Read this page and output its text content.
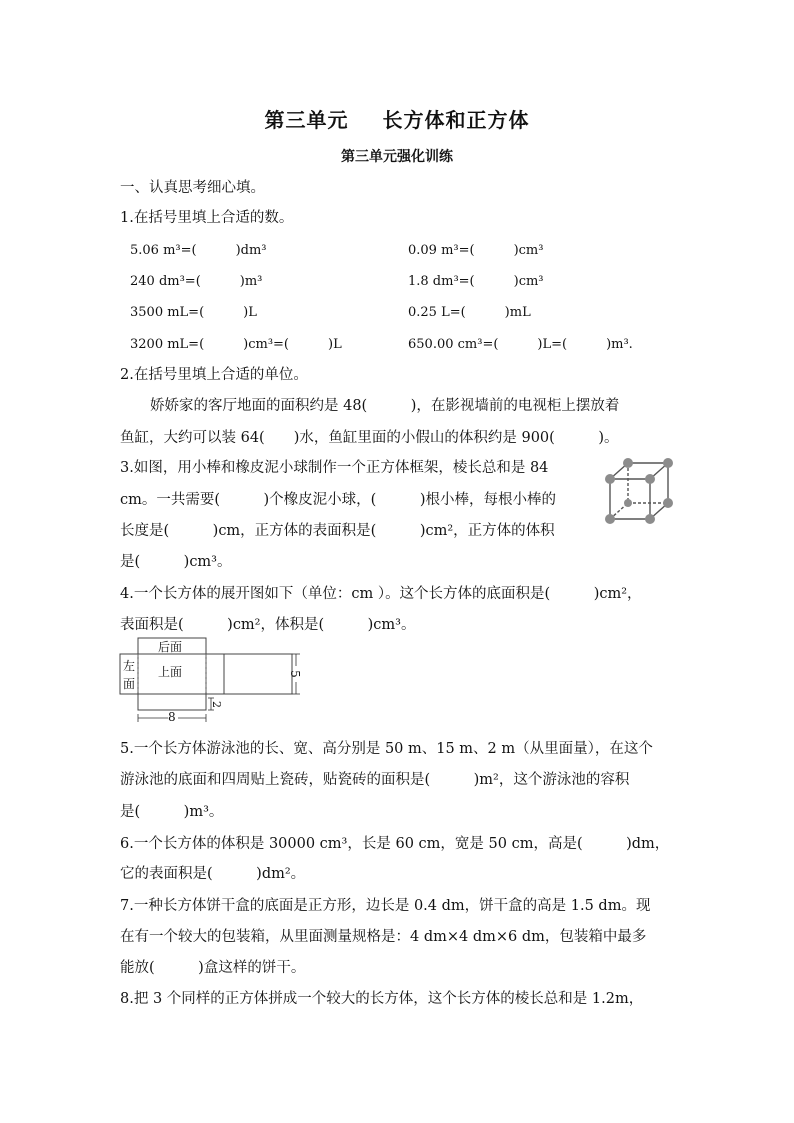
第三单元 长方体和正方体
第三单元强化训练
一、认真思考细心填。
1.在括号里填上合适的数。
5.06 m³=(　　　)dm³	0.09 m³=(　　　)cm³
240 dm³=(　　　)m³	1.8 dm³=(　　　)cm³
3500 mL=(　　　)L	0.25 L=(　　　)mL
3200 mL=(　　　)cm³=(　　　)L	650.00 cm³=(　　　)L=(　　　)m³.
2.在括号里填上合适的单位。
娇娇家的客厅地面的面积约是 48(　　　)，在影视墙前的电视柜上摆放着
鱼缸，大约可以装 64(　　)水，鱼缸里面的小假山的体积约是 900(　　　)。
3.如图，用小棒和橡皮泥小球制作一个正方体框架，棱长总和是 84
cm。一共需要(　　　)个橡皮泥小球，(　　　)根小棒，每根小棒的
长度是(　　　)cm，正方体的表面积是(　　　)cm²，正方体的体积
是(　　　)cm³。
4.一个长方体的展开图如下（单位：cm ）。这个长方体的底面积是(　　　)cm²，
表面积是(　　　)cm²，体积是(　　　)cm³。
后面
上面
左
面
8
5
2
5.一个长方体游泳池的长、宽、高分别是 50 m、15 m、2 m（从里面量），在这个
游泳池的底面和四周贴上瓷砖，贴瓷砖的面积是(　　　)m²，这个游泳池的容积
是(　　　)m³。
6.一个长方体的体积是 30000 cm³，长是 60 cm，宽是 50 cm，高是(　　　)dm，
它的表面积是(　　　)dm²。
7.一种长方体饼干盒的底面是正方形，边长是 0.4 dm，饼干盒的高是 1.5 dm。现
在有一个较大的包装箱，从里面测量规格是：4 dm×4 dm×6 dm，包装箱中最多
能放(　　　)盒这样的饼干。
8.把 3 个同样的正方体拼成一个较大的长方体，这个长方体的棱长总和是 1.2m，
